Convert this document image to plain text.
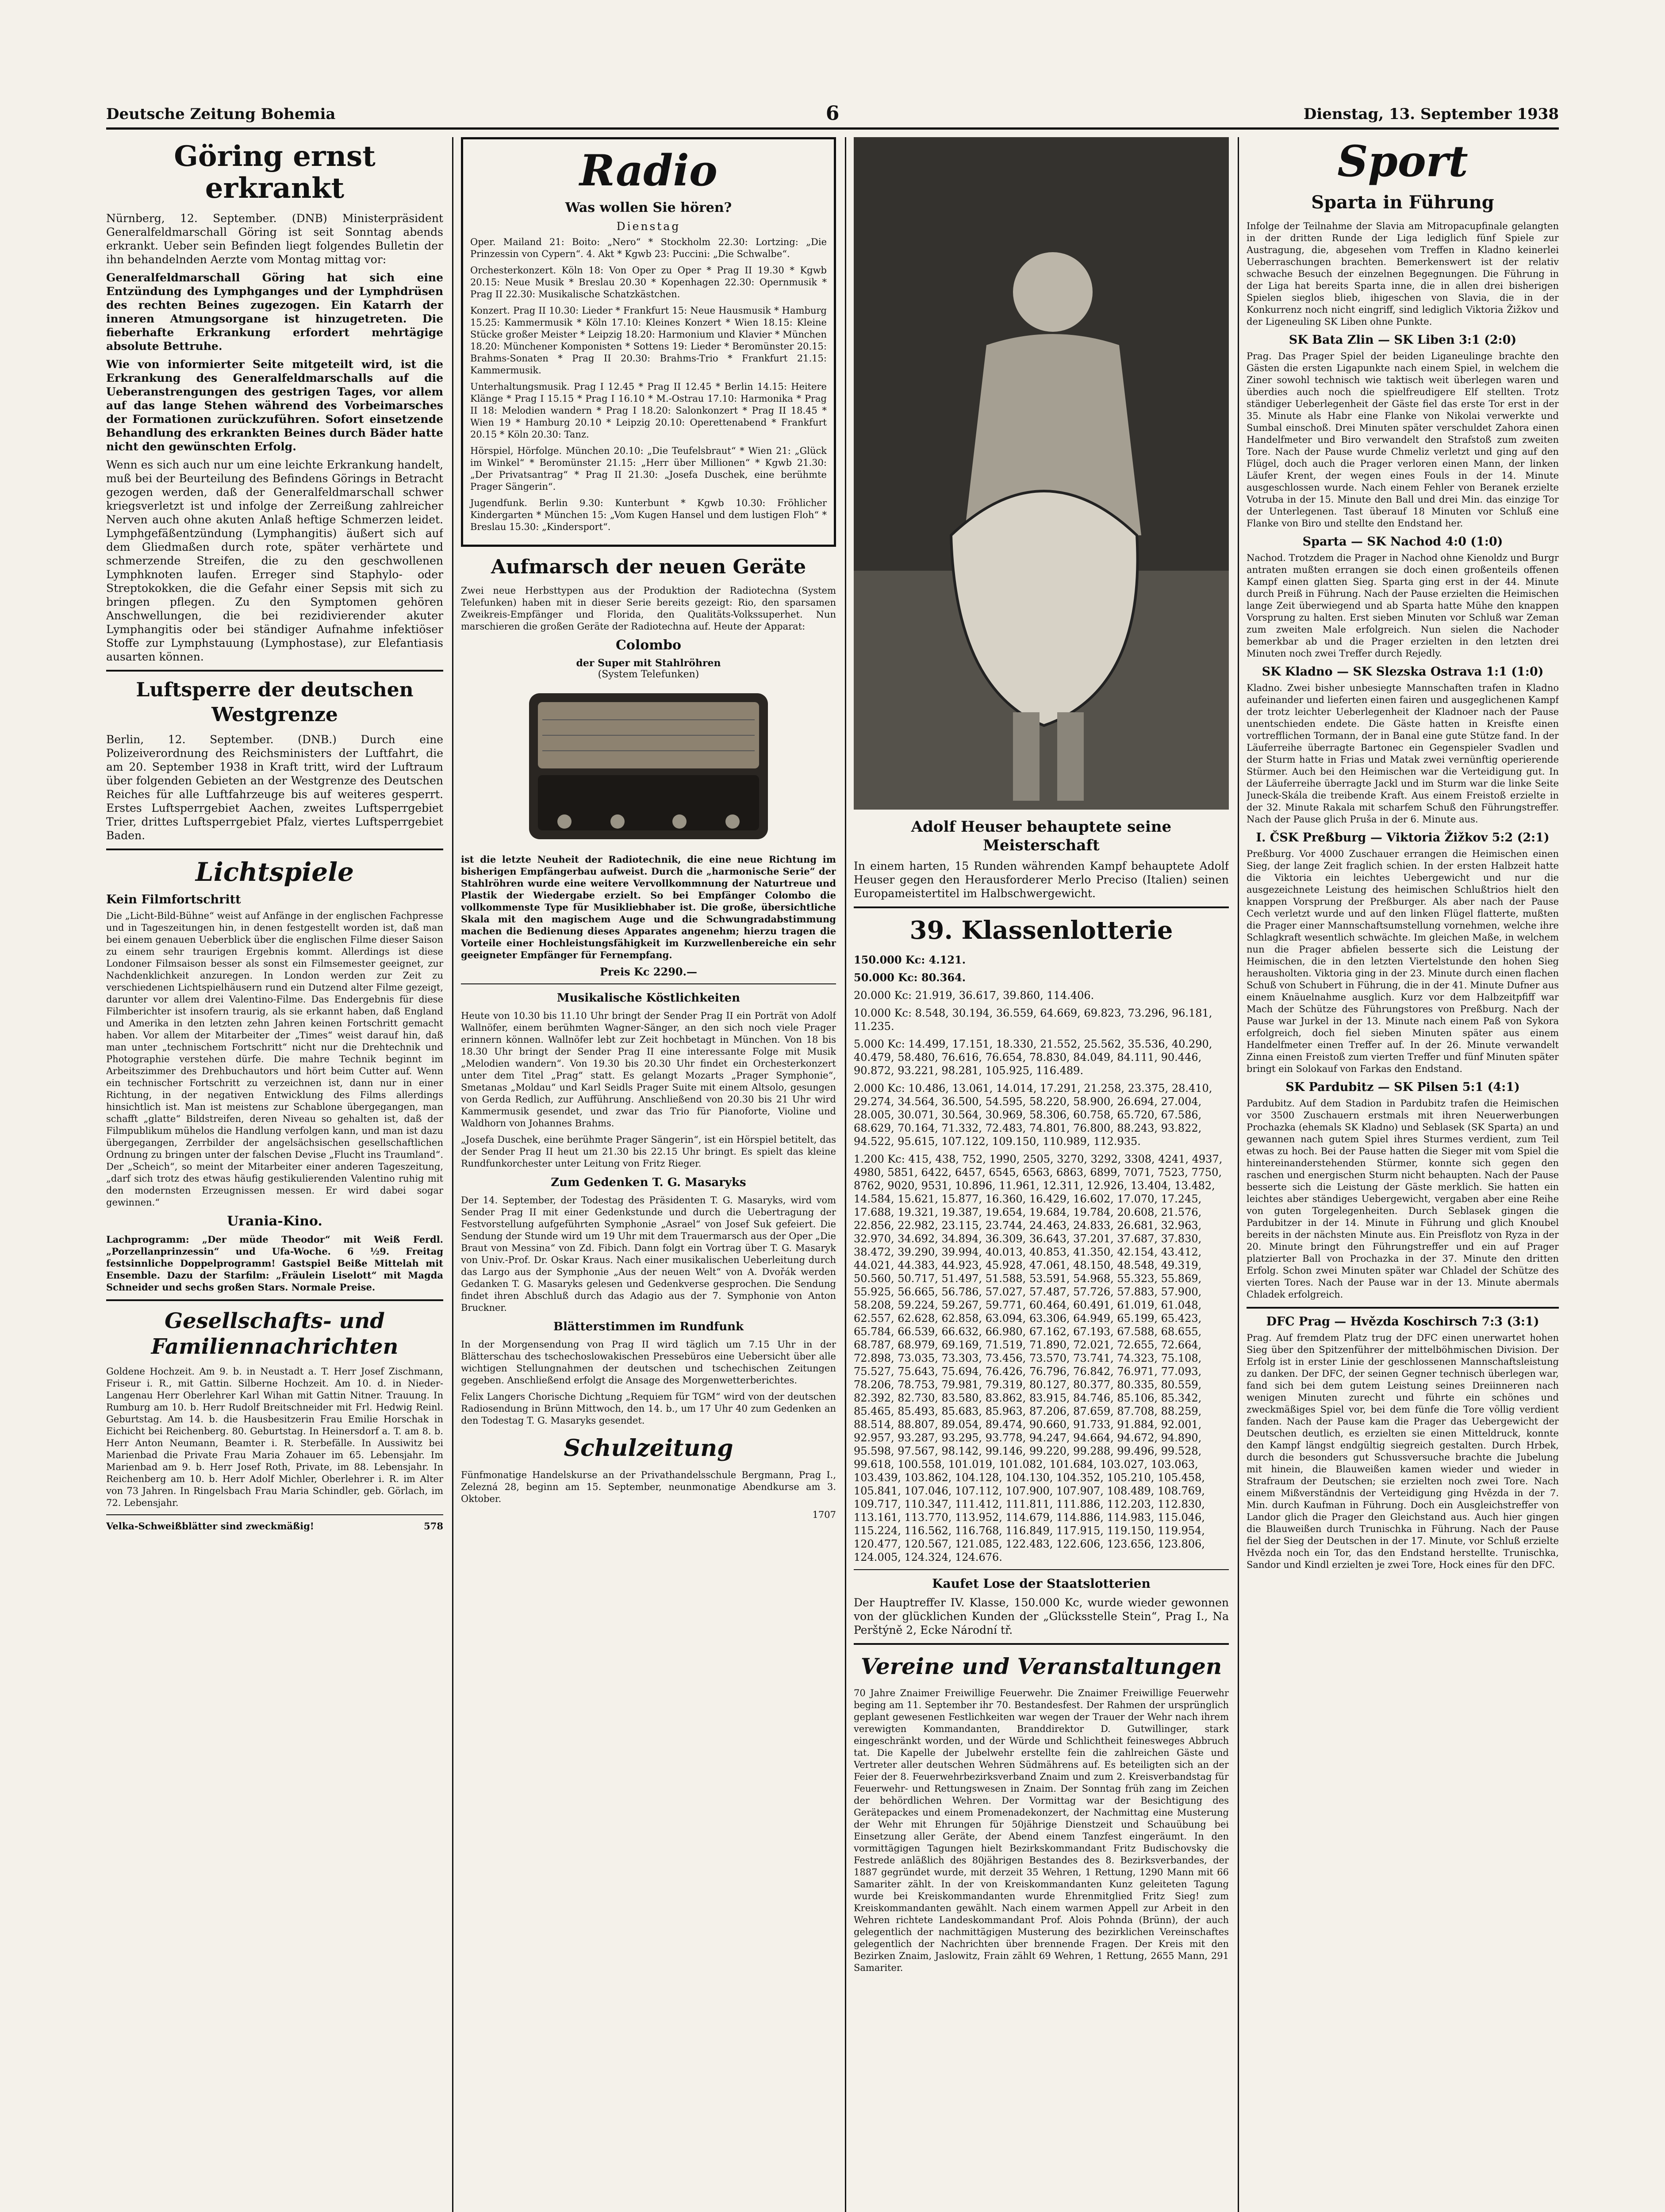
Deutsche Zeitung Bohemia	6	Dienstag, 13. September 1938
Göring ernst erkrankt

Nürnberg, 12. September. (DNB) Ministerpräsident Generalfeldmarschall Göring ist seit Sonntag abends erkrankt. Ueber sein Befinden liegt folgendes Bulletin der ihn behandelnden Aerzte vom Montag mittag vor:

Generalfeldmarschall Göring hat sich eine Entzündung des Lymphganges und der Lymphdrüsen des rechten Beines zugezogen. Ein Katarrh der inneren Atmungsorgane ist hinzugetreten. Die fieberhafte Erkrankung erfordert mehrtägige absolute Bettruhe.

Wie von informierter Seite mitgeteilt wird, ist die Erkrankung des Generalfeldmarschalls auf die Ueberanstrengungen des gestrigen Tages, vor allem auf das lange Stehen während des Vorbeimarsches der Formationen zurückzuführen. Sofort einsetzende Behandlung des erkrankten Beines durch Bäder hatte nicht den gewünschten Erfolg.

Wenn es sich auch nur um eine leichte Erkrankung handelt, muß bei der Beurteilung des Befindens Görings in Betracht gezogen werden, daß der Generalfeldmarschall schwer kriegsverletzt ist und infolge der Zerreißung zahlreicher Nerven auch ohne akuten Anlaß heftige Schmerzen leidet. Lymphgefäßentzündung (Lymphangitis) äußert sich auf dem Gliedmaßen durch rote, später verhärtete und schmerzende Streifen, die zu den geschwollenen Lymphknoten laufen. Erreger sind Staphylo- oder Streptokokken, die die Gefahr einer Sepsis mit sich zu bringen pflegen. Zu den Symptomen gehören Anschwellungen, die bei rezidivierender akuter Lymphangitis oder bei ständiger Aufnahme infektiöser Stoffe zur Lymphstauung (Lymphostase), zur Elefantiasis ausarten können.

Luftsperre der deutschen Westgrenze

Berlin, 12. September. (DNB.) Durch eine Polizeiverordnung des Reichsministers der Luftfahrt, die am 20. September 1938 in Kraft tritt, wird der Luftraum über folgenden Gebieten an der Westgrenze des Deutschen Reiches für alle Luftfahrzeuge bis auf weiteres gesperrt. Erstes Luftsperrgebiet Aachen, zweites Luftsperrgebiet Trier, drittes Luftsperrgebiet Pfalz, viertes Luftsperrgebiet Baden.

Lichtspiele
Kein Filmfortschritt

Die „Licht-Bild-Bühne“ weist auf Anfänge in der englischen Fachpresse und in Tageszeitungen hin, in denen festgestellt worden ist, daß man bei einem genauen Ueberblick über die englischen Filme dieser Saison zu einem sehr traurigen Ergebnis kommt. Allerdings ist diese Londoner Filmsaison besser als sonst ein Filmsemester geeignet, zur Nachdenklichkeit anzuregen. In London werden zur Zeit zu verschiedenen Lichtspielhäusern rund ein Dutzend alter Filme gezeigt, darunter vor allem drei Valentino-Filme. Das Endergebnis für diese Filmberichter ist insofern traurig, als sie erkannt haben, daß England und Amerika in den letzten zehn Jahren keinen Fortschritt gemacht haben. Vor allem der Mitarbeiter der „Times“ weist darauf hin, daß man unter „technischem Fortschritt“ nicht nur die Drehtechnik und Photographie verstehen dürfe. Die mahre Technik beginnt im Arbeitszimmer des Drehbuchautors und hört beim Cutter auf. Wenn ein technischer Fortschritt zu verzeichnen ist, dann nur in einer Richtung, in der negativen Entwicklung des Films allerdings hinsichtlich ist. Man ist meistens zur Schablone übergegangen, man schafft „glatte“ Bildstreifen, deren Niveau so gehalten ist, daß der Filmpublikum mühelos die Handlung verfolgen kann, und man ist dazu übergegangen, Zerrbilder der angelsächsischen gesellschaftlichen Ordnung zu bringen unter der falschen Devise „Flucht ins Traumland“. Der „Scheich“, so meint der Mitarbeiter einer anderen Tageszeitung, „darf sich trotz des etwas häufig gestikulierenden Valentino ruhig mit den modernsten Erzeugnissen messen. Er wird dabei sogar gewinnen.“

Urania-Kino.

Lachprogramm: „Der müde Theodor“ mit Weiß Ferdl. „Porzellanprinzessin“ und Ufa-Woche. 6 ½9. Freitag festsinnliche Doppelprogramm! Gastspiel Beiße Mittelah mit Ensemble. Dazu der Starfilm: „Fräulein Liselott“ mit Magda Schneider und sechs großen Stars. Normale Preise.

Gesellschafts- und Familiennachrichten

Goldene Hochzeit. Am 9. b. in Neustadt a. T. Herr Josef Zischmann, Friseur i. R., mit Gattin. Silberne Hochzeit. Am 10. d. in Nieder-Langenau Herr Oberlehrer Karl Wihan mit Gattin Nitner. Trauung. In Rumburg am 10. b. Herr Rudolf Breitschneider mit Frl. Hedwig Reinl. Geburtstag. Am 14. b. die Hausbesitzerin Frau Emilie Horschak in Eichicht bei Reichenberg. 80. Geburtstag. In Heinersdorf a. T. am 8. b. Herr Anton Neumann, Beamter i. R. Sterbefälle. In Aussiwitz bei Marienbad die Private Frau Maria Zohauer im 65. Lebensjahr. Im Marienbad am 9. b. Herr Josef Roth, Private, im 88. Lebensjahr. In Reichenberg am 10. b. Herr Adolf Michler, Oberlehrer i. R. im Alter von 73 Jahren. In Ringelsbach Frau Maria Schindler, geb. Görlach, im 72. Lebensjahr.

Velka-Schweißblätter sind zweckmäßig!	578
Radio
Was wollen Sie hören?
Dienstag

Oper. Mailand 21: Boito: „Nero“ * Stockholm 22.30: Lortzing: „Die Prinzessin von Cypern“. 4. Akt * Kgwb 23: Puccini: „Die Schwalbe“.

Orchesterkonzert. Köln 18: Von Oper zu Oper * Prag II 19.30 * Kgwb 20.15: Neue Musik * Breslau 20.30 * Kopenhagen 22.30: Opernmusik * Prag II 22.30: Musikalische Schatzkästchen.

Konzert. Prag II 10.30: Lieder * Frankfurt 15: Neue Hausmusik * Hamburg 15.25: Kammermusik * Köln 17.10: Kleines Konzert * Wien 18.15: Kleine Stücke großer Meister * Leipzig 18.20: Harmonium und Klavier * München 18.20: Münchener Komponisten * Sottens 19: Lieder * Beromünster 20.15: Brahms-Sonaten * Prag II 20.30: Brahms-Trio * Frankfurt 21.15: Kammermusik.

Unterhaltungsmusik. Prag I 12.45 * Prag II 12.45 * Berlin 14.15: Heitere Klänge * Prag I 15.15 * Prag I 16.10 * M.-Ostrau 17.10: Harmonika * Prag II 18: Melodien wandern * Prag I 18.20: Salonkonzert * Prag II 18.45 * Wien 19 * Hamburg 20.10 * Leipzig 20.10: Operettenabend * Frankfurt 20.15 * Köln 20.30: Tanz.

Hörspiel, Hörfolge. München 20.10: „Die Teufelsbraut“ * Wien 21: „Glück im Winkel“ * Beromünster 21.15: „Herr über Millionen“ * Kgwb 21.30: „Der Privatsantrag“ * Prag II 21.30: „Josefa Duschek, eine berühmte Prager Sängerin“.

Jugendfunk. Berlin 9.30: Kunterbunt * Kgwb 10.30: Fröhlicher Kindergarten * München 15: „Vom Kugen Hansel und dem lustigen Floh“ * Breslau 15.30: „Kindersport“.

Aufmarsch der neuen Geräte

Zwei neue Herbsttypen aus der Produktion der Radiotechna (System Telefunken) haben mit in dieser Serie bereits gezeigt: Rio, den sparsamen Zweikreis-Empfänger und Florida, den Qualitäts-Volkssuperhet. Nun marschieren die großen Geräte der Radiotechna auf. Heute der Apparat:

Colombo
der Super mit Stahlröhren
(System Telefunken)

ist die letzte Neuheit der Radiotechnik, die eine neue Richtung im bisherigen Empfängerbau aufweist. Durch die „harmonische Serie“ der Stahlröhren wurde eine weitere Vervollkommnung der Naturtreue und Plastik der Wiedergabe erzielt. So bei Empfänger Colombo die vollkommenste Type für Musikliebhaber ist. Die große, übersichtliche Skala mit den magischem Auge und die Schwungradabstimmung machen die Bedienung dieses Apparates angenehm; hierzu tragen die Vorteile einer Hochleistungsfähigkeit im Kurzwellenbereiche ein sehr geeigneter Empfänger für Fernempfang.

Preis Kc 2290.—
Musikalische Köstlichkeiten

Heute von 10.30 bis 11.10 Uhr bringt der Sender Prag II ein Porträt von Adolf Wallnöfer, einem berühmten Wagner-Sänger, an den sich noch viele Prager erinnern können. Wallnöfer lebt zur Zeit hochbetagt in München. Von 18 bis 18.30 Uhr bringt der Sender Prag II eine interessante Folge mit Musik „Melodien wandern“. Von 19.30 bis 20.30 Uhr findet ein Orchesterkonzert unter dem Titel „Prag“ statt. Es gelangt Mozarts „Prager Symphonie“, Smetanas „Moldau“ und Karl Seidls Prager Suite mit einem Altsolo, gesungen von Gerda Redlich, zur Aufführung. Anschließend von 20.30 bis 21 Uhr wird Kammermusik gesendet, und zwar das Trio für Pianoforte, Violine und Waldhorn von Johannes Brahms.

„Josefa Duschek, eine berühmte Prager Sängerin“, ist ein Hörspiel betitelt, das der Sender Prag II heut um 21.30 bis 22.15 Uhr bringt. Es spielt das kleine Rundfunkorchester unter Leitung von Fritz Rieger.

Zum Gedenken T. G. Masaryks

Der 14. September, der Todestag des Präsidenten T. G. Masaryks, wird vom Sender Prag II mit einer Gedenkstunde und durch die Uebertragung der Festvorstellung aufgeführten Symphonie „Asrael“ von Josef Suk gefeiert. Die Sendung der Stunde wird um 19 Uhr mit dem Trauermarsch aus der Oper „Die Braut von Messina“ von Zd. Fibich. Dann folgt ein Vortrag über T. G. Masaryk von Univ.-Prof. Dr. Oskar Kraus. Nach einer musikalischen Ueberleitung durch das Largo aus der Symphonie „Aus der neuen Welt“ von A. Dvořák werden Gedanken T. G. Masaryks gelesen und Gedenkverse gesprochen. Die Sendung findet ihren Abschluß durch das Adagio aus der 7. Symphonie von Anton Bruckner.

Blätterstimmen im Rundfunk

In der Morgensendung von Prag II wird täglich um 7.15 Uhr in der Blätterschau des tschechoslowakischen Pressebüros eine Uebersicht über alle wichtigen Stellungnahmen der deutschen und tschechischen Zeitungen gegeben. Anschließend erfolgt die Ansage des Morgenwetterberichtes.

Felix Langers Chorische Dichtung „Requiem für TGM“ wird von der deutschen Radiosendung in Brünn Mittwoch, den 14. b., um 17 Uhr 40 zum Gedenken an den Todestag T. G. Masaryks gesendet.

Schulzeitung

Fünfmonatige Handelskurse an der Privathandelsschule Bergmann, Prag I., Zelezná 28, beginn am 15. September, neunmonatige Abendkurse am 3. Oktober.

1707
Adolf Heuser behauptete seine Meisterschaft

In einem harten, 15 Runden währenden Kampf behauptete Adolf Heuser gegen den Herausforderer Merlo Preciso (Italien) seinen Europameistertitel im Halbschwergewicht.

39. Klassenlotterie

150.000 Kc: 4.121.

50.000 Kc: 80.364.

20.000 Kc: 21.919, 36.617, 39.860, 114.406.

10.000 Kc: 8.548, 30.194, 36.559, 64.669, 69.823, 73.296, 96.181, 11.235.

5.000 Kc: 14.499, 17.151, 18.330, 21.552, 25.562, 35.536, 40.290, 40.479, 58.480, 76.616, 76.654, 78.830, 84.049, 84.111, 90.446, 90.872, 93.221, 98.281, 105.925, 116.489.

2.000 Kc: 10.486, 13.061, 14.014, 17.291, 21.258, 23.375, 28.410, 29.274, 34.564, 36.500, 54.595, 58.220, 58.900, 26.694, 27.004, 28.005, 30.071, 30.564, 30.969, 58.306, 60.758, 65.720, 67.586, 68.629, 70.164, 71.332, 72.483, 74.801, 76.800, 88.243, 93.822, 94.522, 95.615, 107.122, 109.150, 110.989, 112.935.

1.200 Kc: 415, 438, 752, 1990, 2505, 3270, 3292, 3308, 4241, 4937, 4980, 5851, 6422, 6457, 6545, 6563, 6863, 6899, 7071, 7523, 7750, 8762, 9020, 9531, 10.896, 11.961, 12.311, 12.926, 13.404, 13.482, 14.584, 15.621, 15.877, 16.360, 16.429, 16.602, 17.070, 17.245, 17.688, 19.321, 19.387, 19.654, 19.684, 19.784, 20.608, 21.576, 22.856, 22.982, 23.115, 23.744, 24.463, 24.833, 26.681, 32.963, 32.970, 34.692, 34.894, 36.309, 36.643, 37.201, 37.687, 37.830, 38.472, 39.290, 39.994, 40.013, 40.853, 41.350, 42.154, 43.412, 44.021, 44.383, 44.923, 45.928, 47.061, 48.150, 48.548, 49.319, 50.560, 50.717, 51.497, 51.588, 53.591, 54.968, 55.323, 55.869, 55.925, 56.665, 56.786, 57.027, 57.487, 57.726, 57.883, 57.900, 58.208, 59.224, 59.267, 59.771, 60.464, 60.491, 61.019, 61.048, 62.557, 62.628, 62.858, 63.094, 63.306, 64.949, 65.199, 65.423, 65.784, 66.539, 66.632, 66.980, 67.162, 67.193, 67.588, 68.655, 68.787, 68.979, 69.169, 71.519, 71.890, 72.021, 72.655, 72.664, 72.898, 73.035, 73.303, 73.456, 73.570, 73.741, 74.323, 75.108, 75.527, 75.643, 75.694, 76.426, 76.796, 76.842, 76.971, 77.093, 78.206, 78.753, 79.981, 79.319, 80.127, 80.377, 80.335, 80.559, 82.392, 82.730, 83.580, 83.862, 83.915, 84.746, 85.106, 85.342, 85.465, 85.493, 85.683, 85.963, 87.206, 87.659, 87.708, 88.259, 88.514, 88.807, 89.054, 89.474, 90.660, 91.733, 91.884, 92.001, 92.957, 93.287, 93.295, 93.778, 94.247, 94.664, 94.672, 94.890, 95.598, 97.567, 98.142, 99.146, 99.220, 99.288, 99.496, 99.528, 99.618, 100.558, 101.019, 101.082, 101.684, 103.027, 103.063, 103.439, 103.862, 104.128, 104.130, 104.352, 105.210, 105.458, 105.841, 107.046, 107.112, 107.900, 107.907, 108.489, 108.769, 109.717, 110.347, 111.412, 111.811, 111.886, 112.203, 112.830, 113.161, 113.770, 113.952, 114.679, 114.886, 114.983, 115.046, 115.224, 116.562, 116.768, 116.849, 117.915, 119.150, 119.954, 120.477, 120.567, 121.085, 122.483, 122.606, 123.656, 123.806, 124.005, 124.324, 124.676.

Kaufet Lose der Staatslotterien

Der Hauptreffer IV. Klasse, 150.000 Kc, wurde wieder gewonnen von der glücklichen Kunden der „Glücksstelle Stein“, Prag I., Na Perštýně 2, Ecke Národní tř.

Vereine und Veranstaltungen

70 Jahre Znaimer Freiwillige Feuerwehr. Die Znaimer Freiwillige Feuerwehr beging am 11. September ihr 70. Bestandesfest. Der Rahmen der ursprünglich geplant gewesenen Festlichkeiten war wegen der Trauer der Wehr nach ihrem verewigten Kommandanten, Branddirektor D. Gutwillinger, stark eingeschränkt worden, und der Würde und Schlichtheit feinesweges Abbruch tat. Die Kapelle der Jubelwehr erstellte fein die zahlreichen Gäste und Vertreter aller deutschen Wehren Südmährens auf. Es beteiligten sich an der Feier der 8. Feuerwehrbezirksverband Znaim und zum 2. Kreisverbandstag für Feuerwehr- und Rettungswesen in Znaim. Der Sonntag früh zang im Zeichen der behördlichen Wehren. Der Vormittag war der Besichtigung des Gerätepackes und einem Promenadekonzert, der Nachmittag eine Musterung der Wehr mit Ehrungen für 50jährige Dienstzeit und Schauübung bei Einsetzung aller Geräte, der Abend einem Tanzfest eingeräumt. In den vormittägigen Tagungen hielt Bezirkskommandant Fritz Budischovsky die Festrede anläßlich des 80jährigen Bestandes des 8. Bezirksverbandes, der 1887 gegründet wurde, mit derzeit 35 Wehren, 1 Rettung, 1290 Mann mit 66 Samariter zählt. In der von Kreiskommandanten Kunz geleiteten Tagung wurde bei Kreiskommandanten wurde Ehrenmitglied Fritz Sieg! zum Kreiskommandanten gewählt. Nach einem warmen Appell zur Arbeit in den Wehren richtete Landeskommandant Prof. Alois Pohnda (Brünn), der auch gelegentlich der nachmittägigen Musterung des bezirklichen Vereinschaftes gelegentlich der Nachrichten über brennende Fragen. Der Kreis mit den Bezirken Znaim, Jaslowitz, Frain zählt 69 Wehren, 1 Rettung, 2655 Mann, 291 Samariter.

Sport
Sparta in Führung

Infolge der Teilnahme der Slavia am Mitropacupfinale gelangten in der dritten Runde der Liga lediglich fünf Spiele zur Austragung, die, abgesehen vom Treffen in Kladno keinerlei Ueberraschungen brachten. Bemerkenswert ist der relativ schwache Besuch der einzelnen Begegnungen. Die Führung in der Liga hat bereits Sparta inne, die in allen drei bisherigen Spielen sieglos blieb, ihigeschen von Slavia, die in der Konkurrenz noch nicht eingriff, sind lediglich Viktoria Žižkov und der Ligeneuling SK Liben ohne Punkte.

SK Bata Zlin — SK Liben 3:1 (2:0)

Prag. Das Prager Spiel der beiden Liganeulinge brachte den Gästen die ersten Ligapunkte nach einem Spiel, in welchem die Ziner sowohl technisch wie taktisch weit überlegen waren und überdies auch noch die spielfreudigere Elf stellten. Trotz ständiger Ueberlegenheit der Gäste fiel das erste Tor erst in der 35. Minute als Habr eine Flanke von Nikolai verwerkte und Sumbal einschoß. Drei Minuten später verschuldet Zahora einen Handelfmeter und Biro verwandelt den Strafstoß zum zweiten Tore. Nach der Pause wurde Chmeliz verletzt und ging auf den Flügel, doch auch die Prager verloren einen Mann, der linken Läufer Krent, der wegen eines Fouls in der 14. Minute ausgeschlossen wurde. Nach einem Fehler von Beranek erzielte Votruba in der 15. Minute den Ball und drei Min. das einzige Tor der Unterlegenen. Tast überauf 18 Minuten vor Schluß eine Flanke von Biro und stellte den Endstand her.

Sparta — SK Nachod 4:0 (1:0)

Nachod. Trotzdem die Prager in Nachod ohne Kienoldz und Burgr antraten mußten errangen sie doch einen großenteils offenen Kampf einen glatten Sieg. Sparta ging erst in der 44. Minute durch Preiß in Führung. Nach der Pause erzielten die Heimischen lange Zeit überwiegend und ab Sparta hatte Mühe den knappen Vorsprung zu halten. Erst sieben Minuten vor Schluß war Zeman zum zweiten Male erfolgreich. Nun sielen die Nachoder bemerkbar ab und die Prager erzielten in den letzten drei Minuten noch zwei Treffer durch Rejedly.

SK Kladno — SK Slezska Ostrava 1:1 (1:0)

Kladno. Zwei bisher unbesiegte Mannschaften trafen in Kladno aufeinander und lieferten einen fairen und ausgeglichenen Kampf der trotz leichter Ueberlegenheit der Kladnoer nach der Pause unentschieden endete. Die Gäste hatten in Kreisfte einen vortrefflichen Tormann, der in Banal eine gute Stütze fand. In der Läuferreihe überragte Bartonec ein Gegenspieler Svadlen und der Sturm hatte in Frias und Matak zwei vernünftig operierende Stürmer. Auch bei den Heimischen war die Verteidigung gut. In der Läuferreihe überragte Jackl und im Sturm war die linke Seite Juneck-Skála die treibende Kraft. Aus einem Freistoß erzielte in der 32. Minute Rakala mit scharfem Schuß den Führungstreffer. Nach der Pause glich Pruša in der 6. Minute aus.

I. ČSK Preßburg — Viktoria Žižkov 5:2 (2:1)

Preßburg. Vor 4000 Zuschauer errangen die Heimischen einen Sieg, der lange Zeit fraglich schien. In der ersten Halbzeit hatte die Viktoria ein leichtes Uebergewicht und nur die ausgezeichnete Leistung des heimischen Schlußtrios hielt den knappen Vorsprung der Preßburger. Als aber nach der Pause Cech verletzt wurde und auf den linken Flügel flatterte, mußten die Prager einer Mannschaftsumstellung vornehmen, welche ihre Schlagkraft wesentlich schwächte. Im gleichen Maße, in welchem nun die Prager abfielen besserte sich die Leistung der Heimischen, die in den letzten Viertelstunde den hohen Sieg herausholten. Viktoria ging in der 23. Minute durch einen flachen Schuß von Schubert in Führung, die in der 41. Minute Dufner aus einem Knäuelnahme ausglich. Kurz vor dem Halbzeitpfiff war Mach der Schütze des Führungstores von Preßburg. Nach der Pause war Jurkel in der 13. Minute nach einem Paß von Sykora erfolgreich, doch fiel sieben Minuten später aus einem Handelfmeter einen Treffer auf. In der 26. Minute verwandelt Zinna einen Freistoß zum vierten Treffer und fünf Minuten später bringt ein Solokauf von Farkas den Endstand.

SK Pardubitz — SK Pilsen 5:1 (4:1)

Pardubitz. Auf dem Stadion in Pardubitz trafen die Heimischen vor 3500 Zuschauern erstmals mit ihren Neuerwerbungen Prochazka (ehemals SK Kladno) und Seblasek (SK Sparta) an und gewannen nach gutem Spiel ihres Sturmes verdient, zum Teil etwas zu hoch. Bei der Pause hatten die Sieger mit vom Spiel die hintereinanderstehenden Stürmer, konnte sich gegen den raschen und energischen Sturm nicht behaupten. Nach der Pause besserte sich die Leistung der Gäste merklich. Sie hatten ein leichtes aber ständiges Uebergewicht, vergaben aber eine Reihe von guten Torgelegenheiten. Durch Seblasek gingen die Pardubitzer in der 14. Minute in Führung und glich Knoubel bereits in der nächsten Minute aus. Ein Preisflotz von Ryza in der 20. Minute bringt den Führungstreffer und ein auf Prager platzierter Ball von Prochazka in der 37. Minute den dritten Erfolg. Schon zwei Minuten später war Chladel der Schütze des vierten Tores. Nach der Pause war in der 13. Minute abermals Chladek erfolgreich.

DFC Prag — Hvězda Koschirsch 7:3 (3:1)

Prag. Auf fremdem Platz trug der DFC einen unerwartet hohen Sieg über den Spitzenführer der mittelböhmischen Division. Der Erfolg ist in erster Linie der geschlossenen Mannschaftsleistung zu danken. Der DFC, der seinen Gegner technisch überlegen war, fand sich bei dem gutem Leistung seines Dreiinneren nach wenigen Minuten zurecht und führte ein schönes und zweckmäßiges Spiel vor, bei dem fünfe die Tore völlig verdient fanden. Nach der Pause kam die Prager das Uebergewicht der Deutschen deutlich, es erzielten sie einen Mitteldruck, konnte den Kampf längst endgültig siegreich gestalten. Durch Hrbek, durch die besonders gut Schussversuche brachte die Jubelung mit hinein, die Blauweißen kamen wieder und wieder in Strafraum der Deutschen; sie erzielten noch zwei Tore. Nach einem Mißverständnis der Verteidigung ging Hvězda in der 7. Min. durch Kaufman in Führung. Doch ein Ausgleichstreffer von Landor glich die Prager den Gleichstand aus. Auch hier gingen die Blauweißen durch Trunischka in Führung. Nach der Pause fiel der Sieg der Deutschen in der 17. Minute, vor Schluß erzielte Hvězda noch ein Tor, das den Endstand herstellte. Trunischka, Sandor und Kindl erzielten je zwei Tore, Hock eines für den DFC.
